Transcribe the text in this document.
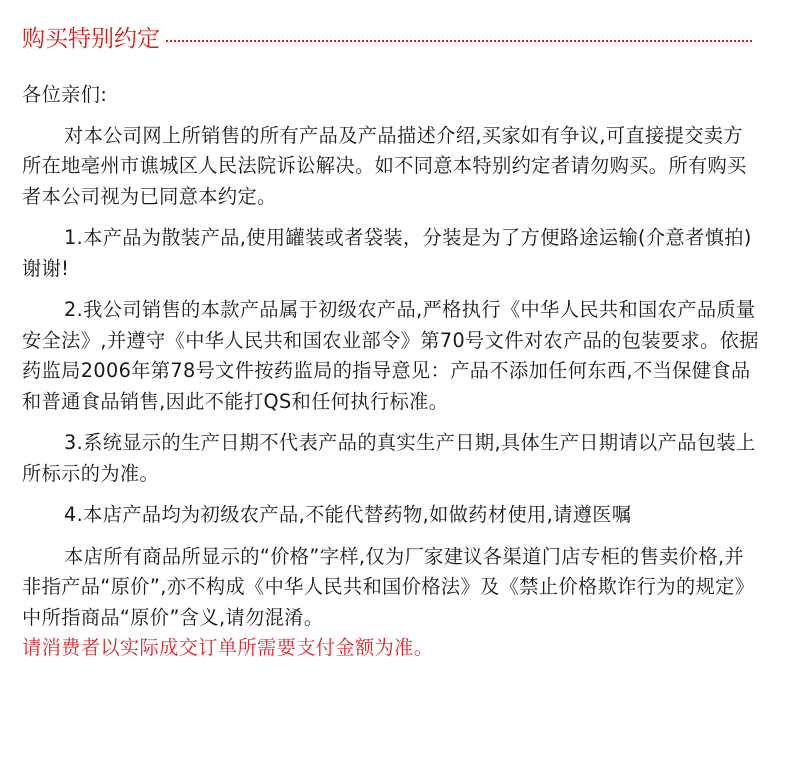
购买特别约定

各位亲们:

对本公司网上所销售的所有产品及产品描述介绍,买家如有争议,可直接提交卖方所在地亳州市谯城区人民法院诉讼解决。如不同意本特别约定者请勿购买。所有购买者本公司视为已同意本约定。

1.本产品为散装产品,使用罐装或者袋装，分装是为了方便路途运输(介意者慎拍)谢谢!

2.我公司销售的本款产品属于初级农产品,严格执行《中华人民共和国农产品质量安全法》,并遵守《中华人民共和国农业部令》第70号文件对农产品的包装要求。依据药监局2006年第78号文件按药监局的指导意见：产品不添加任何东西,不当保健食品和普通食品销售,因此不能打QS和任何执行标准。

3.系统显示的生产日期不代表产品的真实生产日期,具体生产日期请以产品包装上所标示的为准。

4.本店产品均为初级农产品,不能代替药物,如做药材使用,请遵医嘱

本店所有商品所显示的“价格”字样,仅为厂家建议各渠道门店专柜的售卖价格,并非指产品“原价”,亦不构成《中华人民共和国价格法》及《禁止价格欺诈行为的规定》中所指商品“原价”含义,请勿混淆。

请消费者以实际成交订单所需要支付金额为准。
